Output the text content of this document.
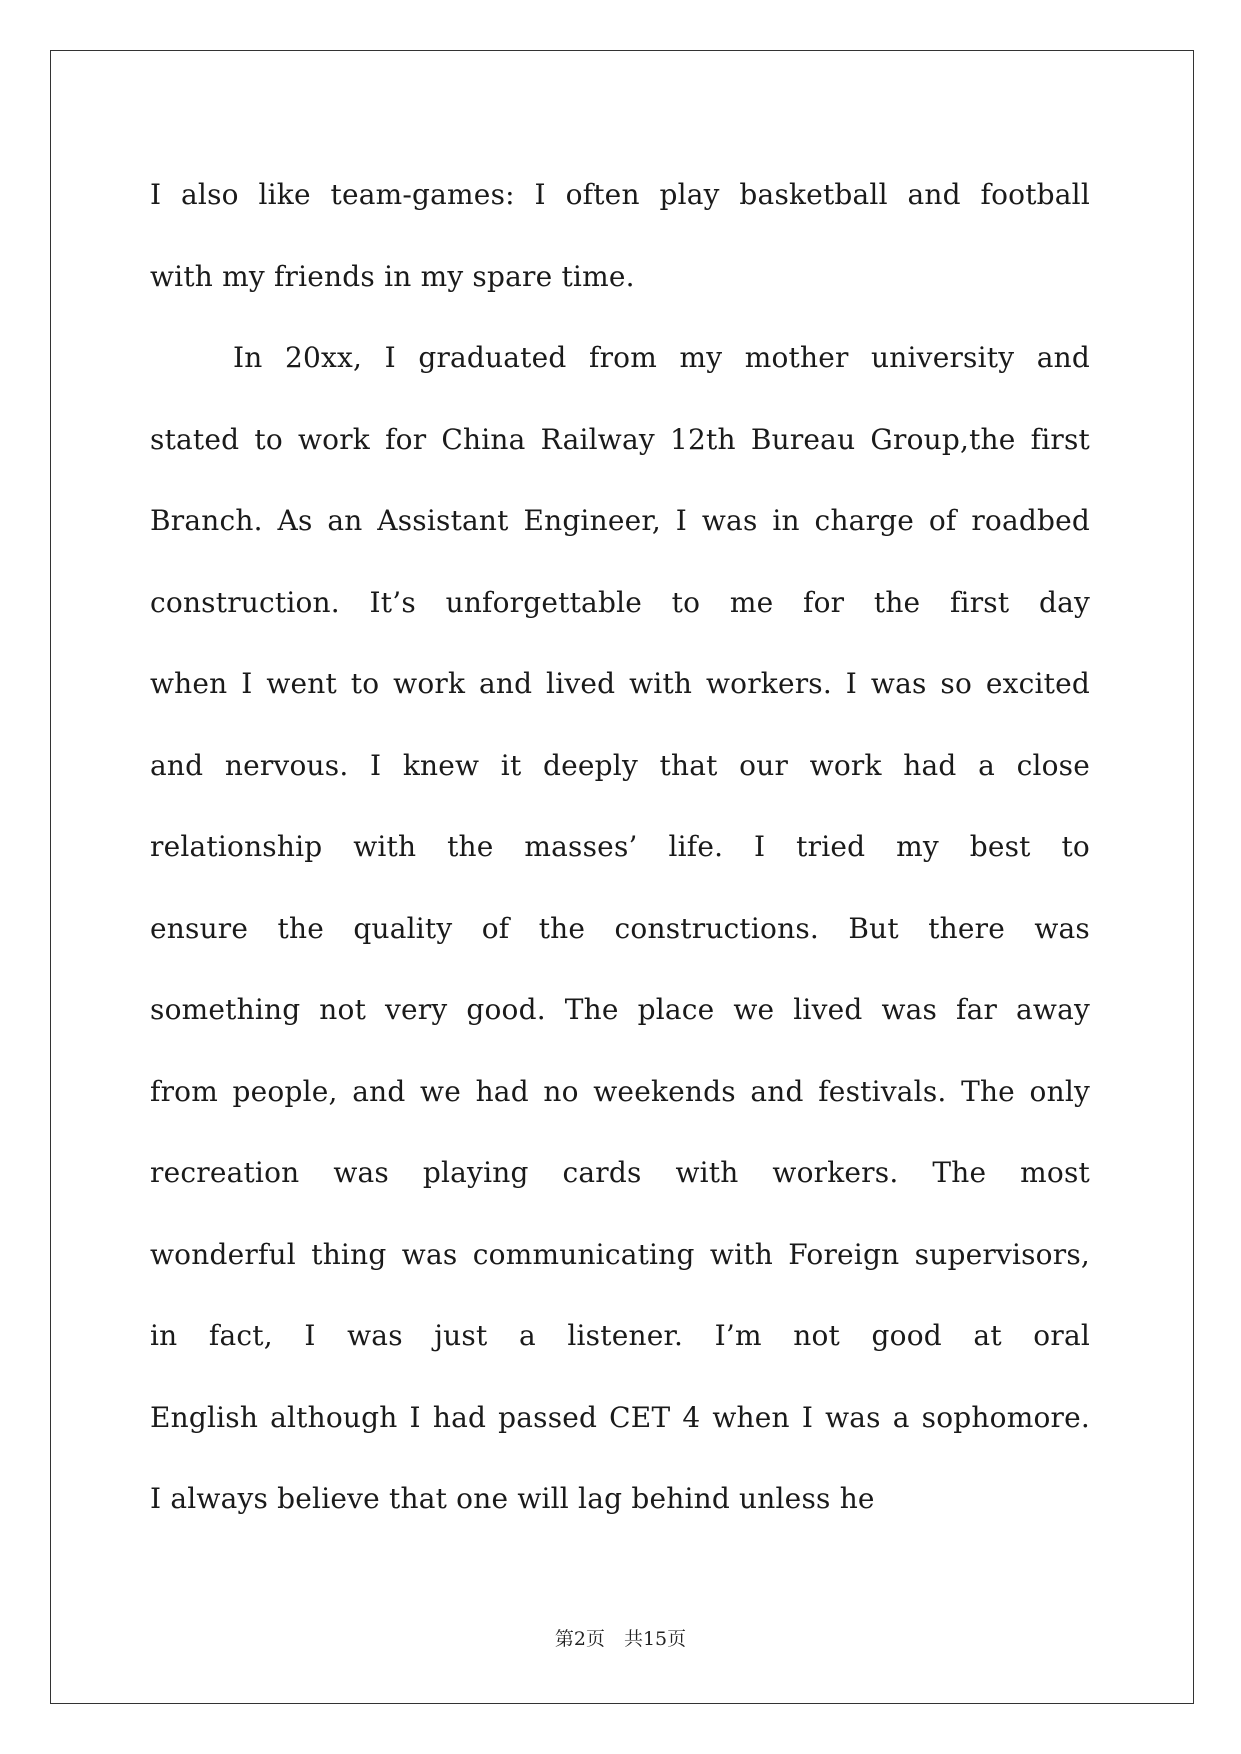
I also like team-games: I often play basketball and football
with my friends in my spare time.
In 20xx, I graduated from my mother university and
stated to work for China Railway 12th Bureau Group,the first
Branch. As an Assistant Engineer, I was in charge of roadbed
construction. It’s unforgettable to me for the first day
when I went to work and lived with workers. I was so excited
and nervous. I knew it deeply that our work had a close
relationship with the masses’ life. I tried my best to
ensure the quality of the constructions. But there was
something not very good. The place we lived was far away
from people, and we had no weekends and festivals. The only
recreation was playing cards with workers. The most
wonderful thing was communicating with Foreign supervisors,
in fact, I was just a listener. I’m not good at oral
English although I had passed CET 4 when I was a sophomore.
I always believe that one will lag behind unless he
第2页　共15页
